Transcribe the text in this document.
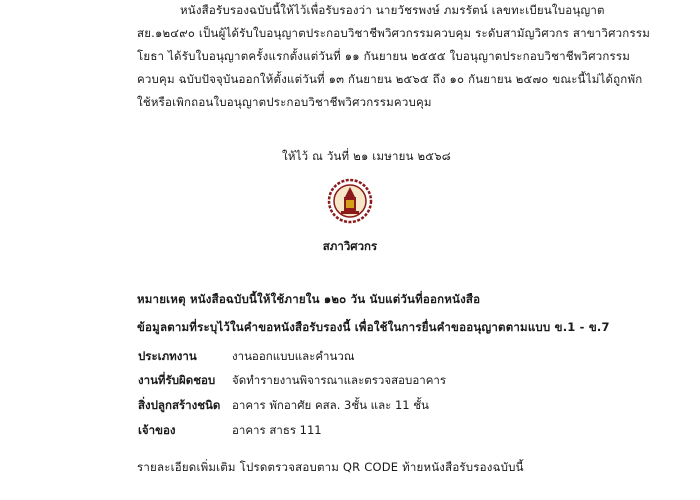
หนังสือรับรองฉบับนี้ให้ไว้เพื่อรับรองว่า นายวัชรพงษ์ ภมรรัตน์ เลขทะเบียนใบอนุญาต
สย.๑๒๔๙๐ เป็นผู้ได้รับใบอนุญาตประกอบวิชาชีพวิศวกรรมควบคุม ระดับสามัญวิศวกร สาขาวิศวกรรม
โยธา ได้รับใบอนุญาตครั้งแรกตั้งแต่วันที่ ๑๑ กันยายน ๒๕๕๕ ใบอนุญาตประกอบวิชาชีพวิศวกรรม
ควบคุม ฉบับปัจจุบันออกให้ตั้งแต่วันที่ ๑๓ กันยายน ๒๕๖๕ ถึง ๑๐ กันยายน ๒๕๗๐ ขณะนี้ไม่ได้ถูกพัก
ใช้หรือเพิกถอนใบอนุญาตประกอบวิชาชีพวิศวกรรมควบคุม
ให้ไว้ ณ วันที่ ๒๑ เมษายน ๒๕๖๘
สภาวิศวกร
หมายเหตุ หนังสือฉบับนี้ให้ใช้ภายใน ๑๒๐ วัน นับแต่วันที่ออกหนังสือ
ข้อมูลตามที่ระบุไว้ในคำขอหนังสือรับรองนี้ เพื่อใช้ในการยื่นคำขออนุญาตตามแบบ ข.1 - ข.7
ประเภทงาน	งานออกแบบและคำนวณ
งานที่รับผิดชอบ จัดทำรายงานพิจารณาและตรวจสอบอาคาร
สิ่งปลูกสร้างชนิด อาคาร พักอาศัย คสล. 3ชั้น และ 11 ชั้น
เจ้าของ	อาคาร สาธร 111
รายละเอียดเพิ่มเติม โปรดตรวจสอบตาม QR CODE ท้ายหนังสือรับรองฉบับนี้
